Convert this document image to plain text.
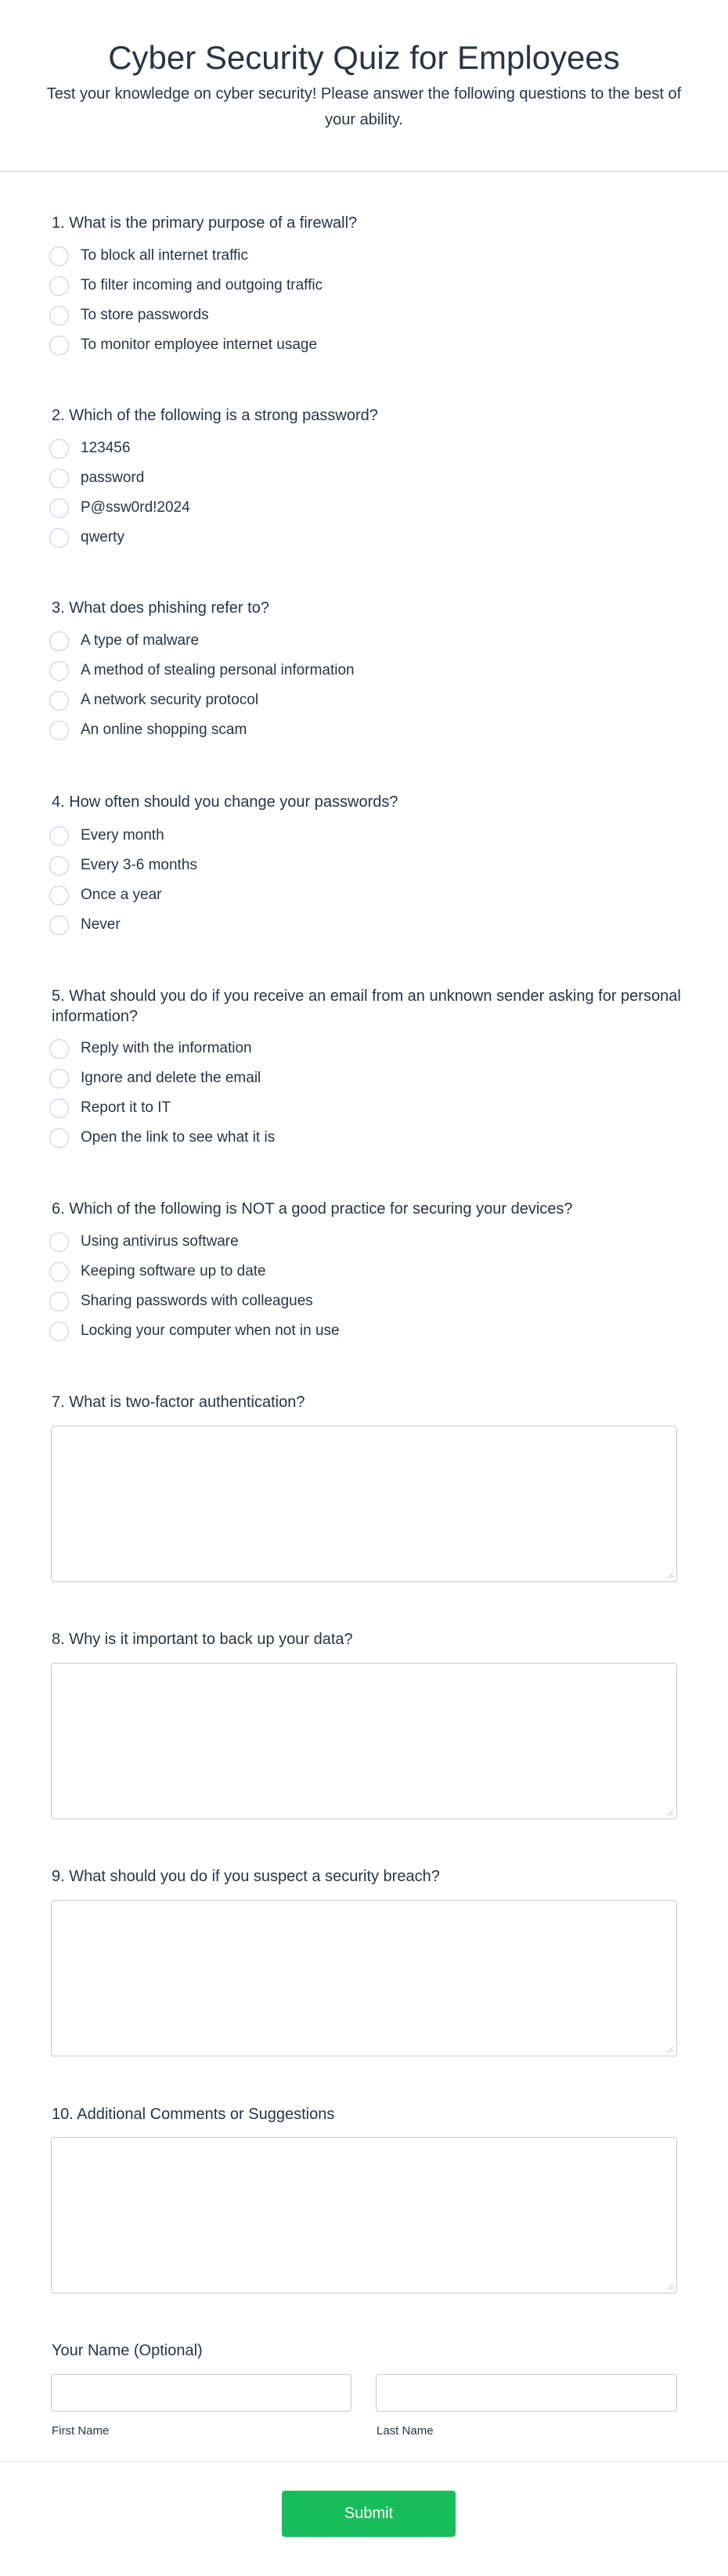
Cyber Security Quiz for Employees

Test your knowledge on cyber security! Please answer the following questions to the best of your ability.

1. What is the primary purpose of a firewall?
To block all internet traffic
To filter incoming and outgoing traffic
To store passwords
To monitor employee internet usage
2. Which of the following is a strong password?
123456
password
P@ssw0rd!2024
qwerty
3. What does phishing refer to?
A type of malware
A method of stealing personal information
A network security protocol
An online shopping scam
4. How often should you change your passwords?
Every month
Every 3-6 months
Once a year
Never
5. What should you do if you receive an email from an unknown sender asking for personal information?
Reply with the information
Ignore and delete the email
Report it to IT
Open the link to see what it is
6. Which of the following is NOT a good practice for securing your devices?
Using antivirus software
Keeping software up to date
Sharing passwords with colleagues
Locking your computer when not in use
7. What is two-factor authentication?
8. Why is it important to back up your data?
9. What should you do if you suspect a security breach?
10. Additional Comments or Suggestions
Your Name (Optional)
First Name	Last Name
Submit
